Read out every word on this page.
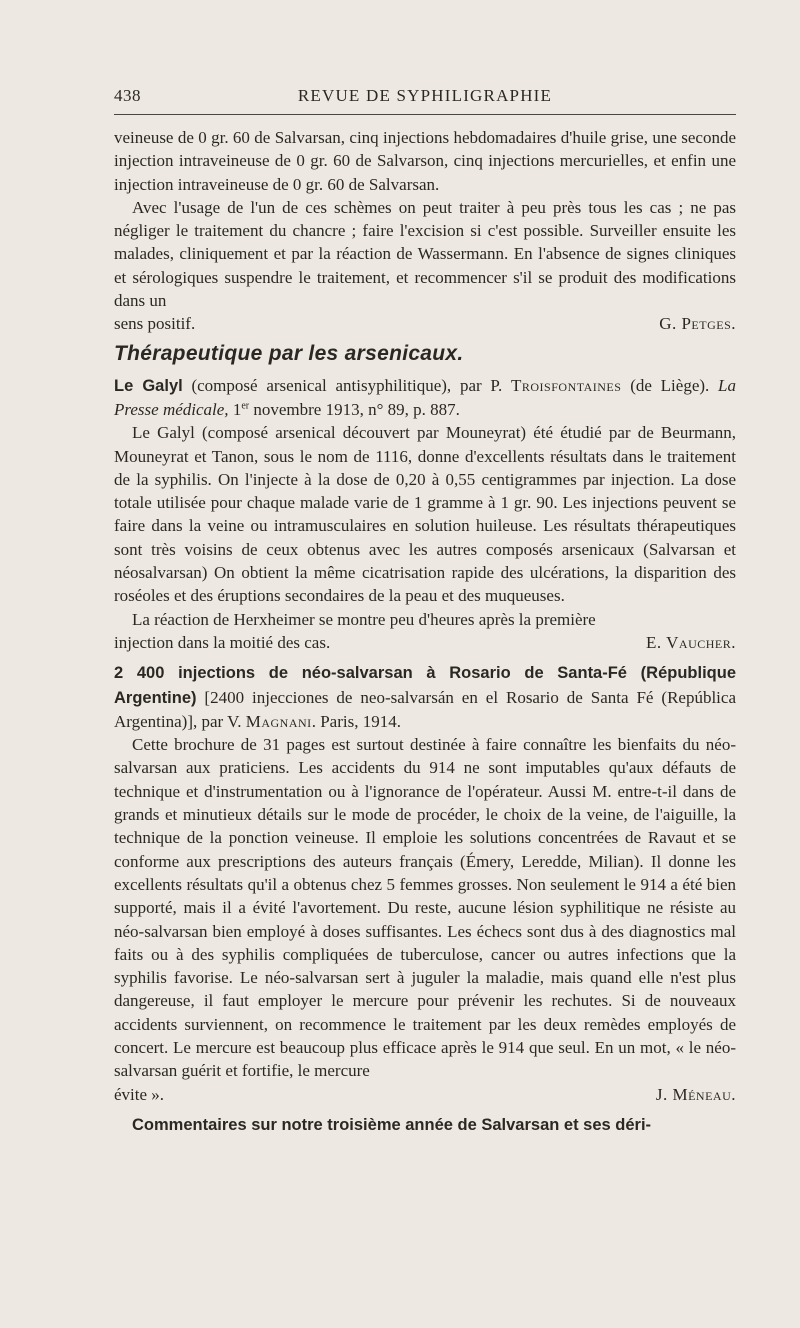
438	REVUE DE SYPHILIGRAPHIE

veineuse de 0 gr. 60 de Salvarsan, cinq injections hebdomadaires d'huile grise, une seconde injection intraveineuse de 0 gr. 60 de Salvarson, cinq injections mercurielles, et enfin une injection intraveineuse de 0 gr. 60 de Salvarsan.

Avec l'usage de l'un de ces schèmes on peut traiter à peu près tous les cas ; ne pas négliger le traitement du chancre ; faire l'excision si c'est possible. Surveiller ensuite les malades, cliniquement et par la réaction de Wassermann. En l'absence de signes cliniques et sérologiques suspendre le traitement, et recommencer s'il se produit des modifications dans un

sens positif.	G. Petges.
Thérapeutique par les arsenicaux.

Le Galyl (composé arsenical antisyphilitique), par P. Troisfontaines (de Liège). La Presse médicale, 1er novembre 1913, n° 89, p. 887.

Le Galyl (composé arsenical découvert par Mouneyrat) été étudié par de Beurmann, Mouneyrat et Tanon, sous le nom de 1116, donne d'excellents résultats dans le traitement de la syphilis. On l'injecte à la dose de 0,20 à 0,55 centigrammes par injection. La dose totale utilisée pour chaque malade varie de 1 gramme à 1 gr. 90. Les injections peuvent se faire dans la veine ou intramusculaires en solution huileuse. Les résultats thérapeutiques sont très voisins de ceux obtenus avec les autres composés arsenicaux (Salvarsan et néosalvarsan) On obtient la même cicatrisation rapide des ulcérations, la disparition des roséoles et des éruptions secondaires de la peau et des muqueuses.

La réaction de Herxheimer se montre peu d'heures après la première

injection dans la moitié des cas.	E. Vaucher.

2 400 injections de néo-salvarsan à Rosario de Santa-Fé (République Argentine) [2400 injecciones de neo-salvarsán en el Rosario de Santa Fé (República Argentina)], par V. Magnani. Paris, 1914.

Cette brochure de 31 pages est surtout destinée à faire connaître les bienfaits du néo-salvarsan aux praticiens. Les accidents du 914 ne sont imputables qu'aux défauts de technique et d'instrumentation ou à l'ignorance de l'opérateur. Aussi M. entre-t-il dans de grands et minutieux détails sur le mode de procéder, le choix de la veine, de l'aiguille, la technique de la ponction veineuse. Il emploie les solutions concentrées de Ravaut et se conforme aux prescriptions des auteurs français (Émery, Leredde, Milian). Il donne les excellents résultats qu'il a obtenus chez 5 femmes grosses. Non seulement le 914 a été bien supporté, mais il a évité l'avortement. Du reste, aucune lésion syphilitique ne résiste au néo-salvarsan bien employé à doses suffisantes. Les échecs sont dus à des diagnostics mal faits ou à des syphilis compliquées de tuberculose, cancer ou autres infections que la syphilis favorise. Le néo-salvarsan sert à juguler la maladie, mais quand elle n'est plus dangereuse, il faut employer le mercure pour prévenir les rechutes. Si de nouveaux accidents surviennent, on recommence le traitement par les deux remèdes employés de concert. Le mercure est beaucoup plus efficace après le 914 que seul. En un mot, « le néo-salvarsan guérit et fortifie, le mercure

évite ».	J. Méneau.

Commentaires sur notre troisième année de Salvarsan et ses déri-
